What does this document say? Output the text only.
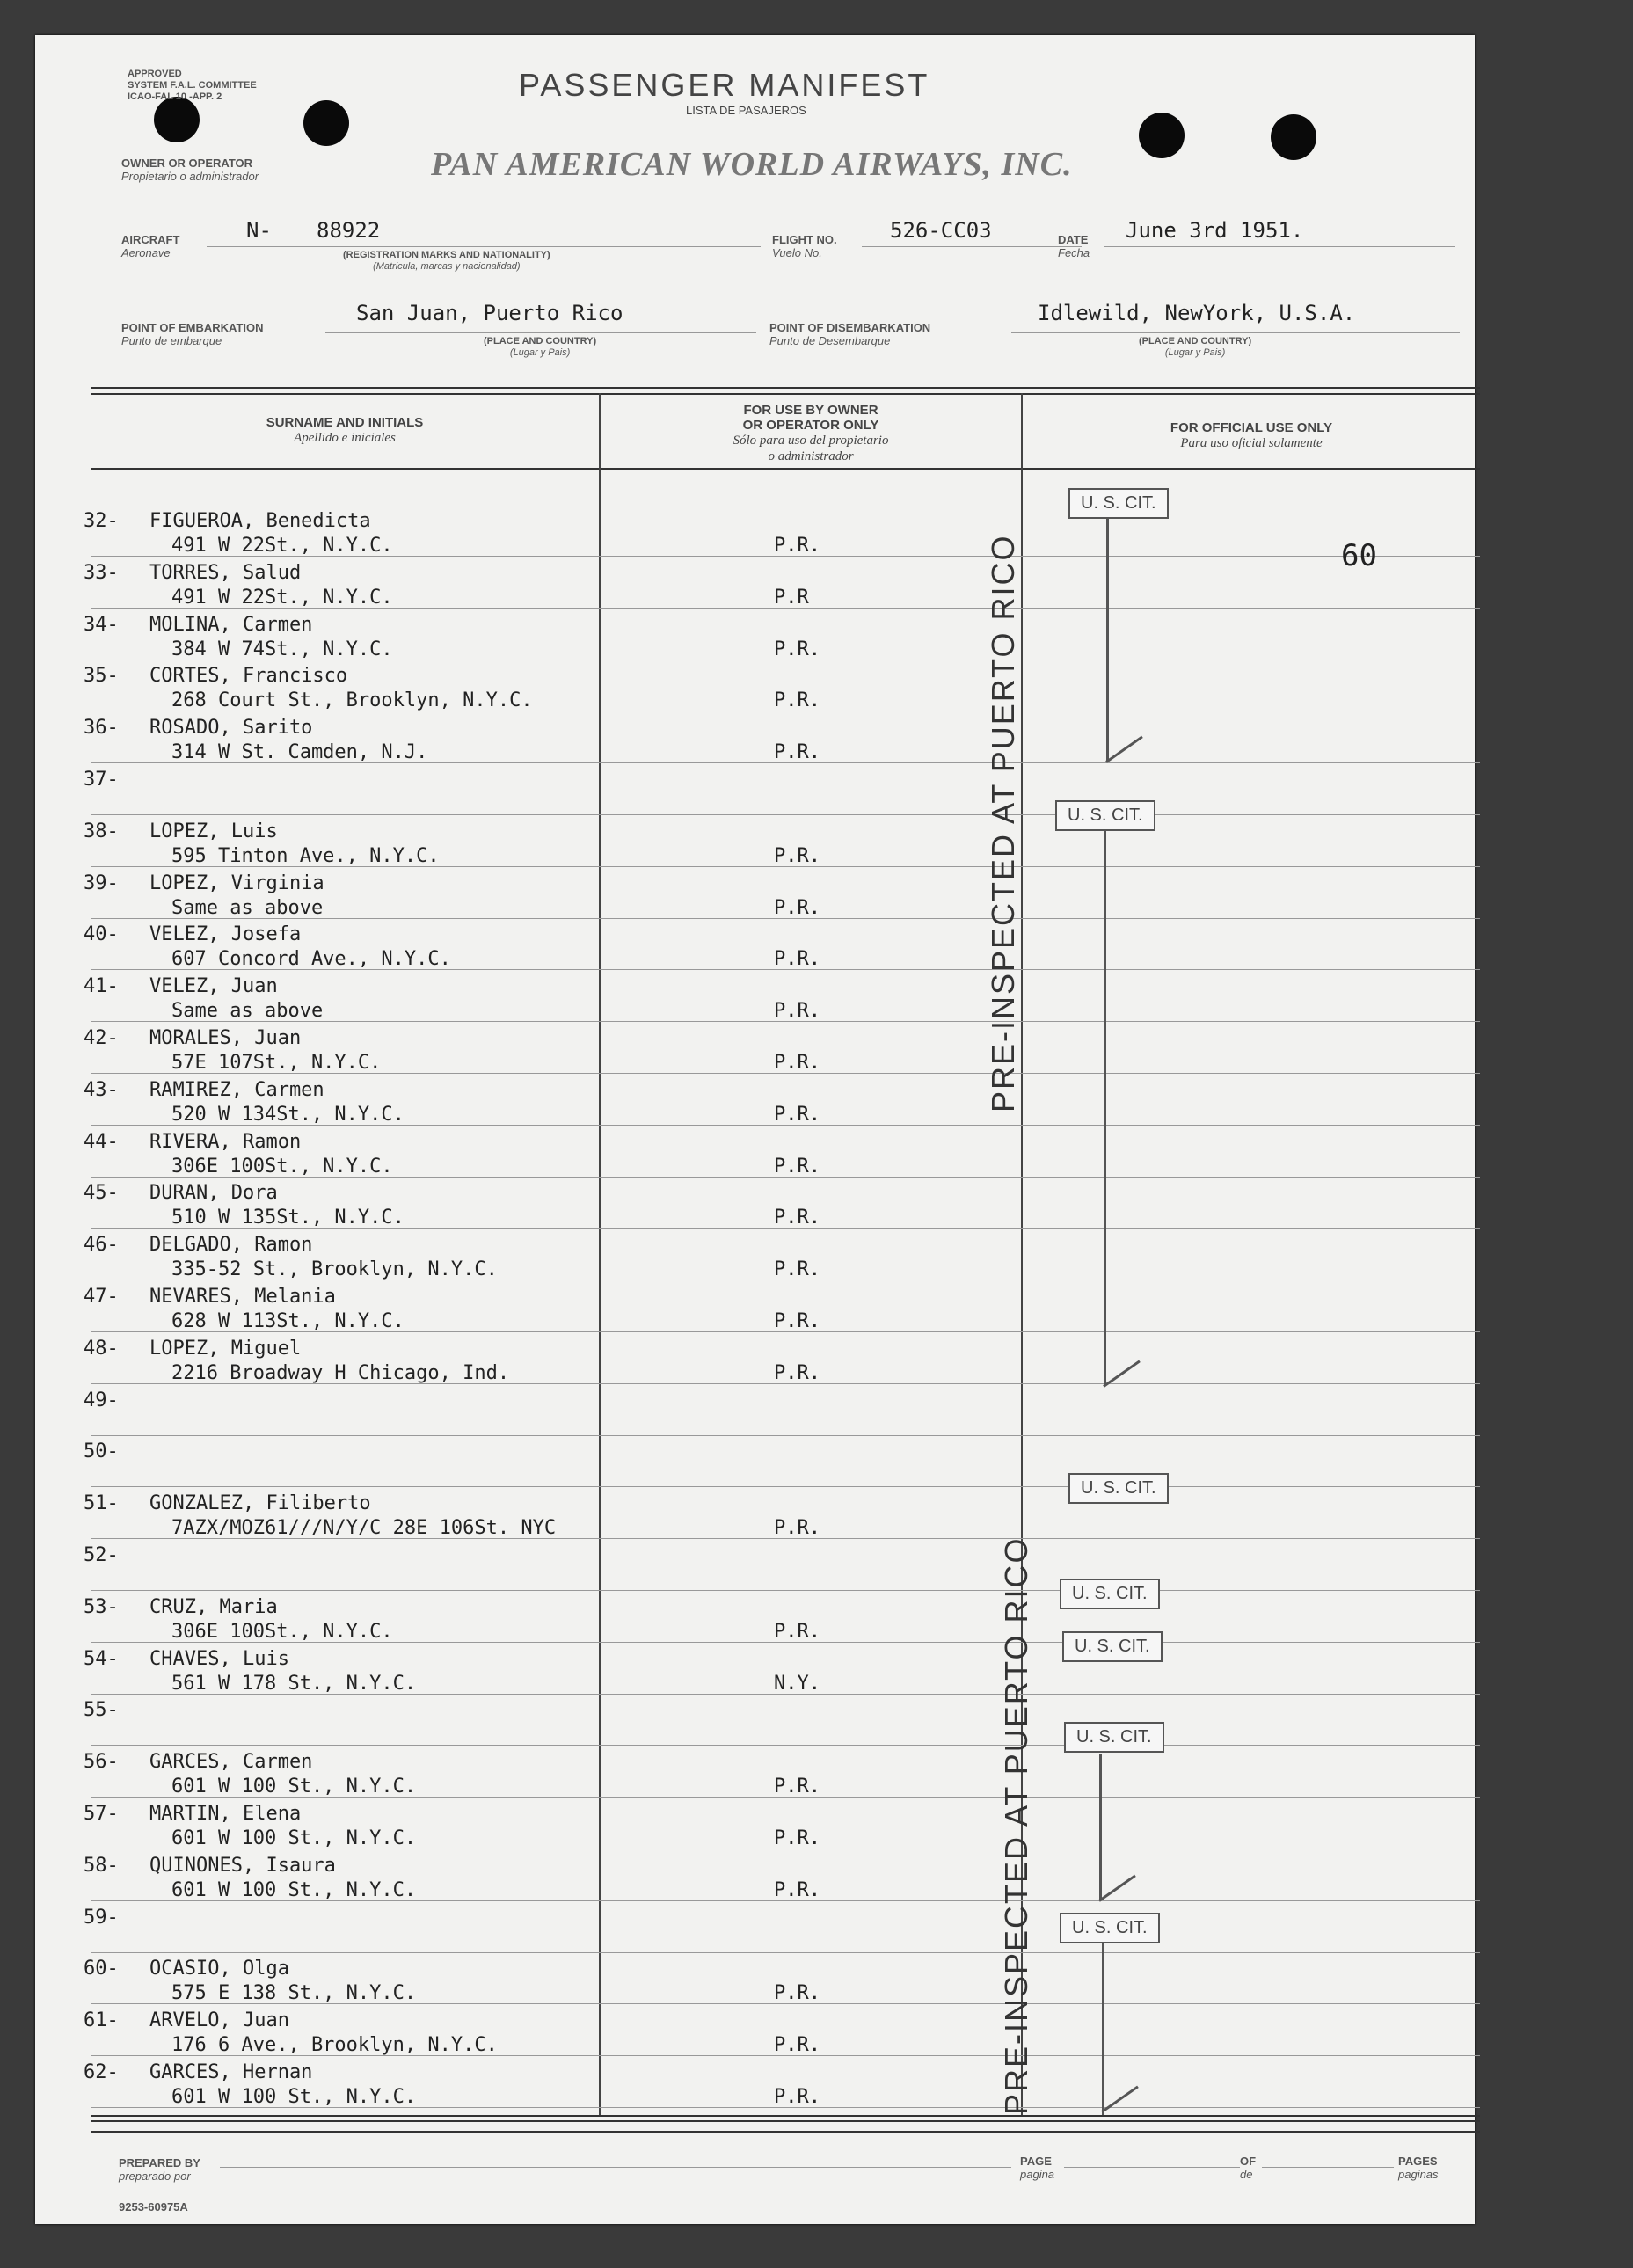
APPROVED
SYSTEM F.A.L. COMMITTEE
ICAO-FAL 10 -APP. 2	PASSENGER MANIFEST
LISTA DE PASAJEROS
OWNER OR OPERATOR
Propietario o administrador	PAN AMERICAN WORLD AIRWAYS, INC.
AIRCRAFT
Aeronave
N- 88922
(REGISTRATION MARKS AND NATIONALITY)
(Matricula, marcas y nacionalidad)
FLIGHT NO.
Vuelo No.
526-CC03	DATE
Fecha
June 3rd 1951.
POINT OF EMBARKATION
Punto de embarque
San Juan, Puerto Rico
(PLACE AND COUNTRY)
(Lugar y Pais)
POINT OF DISEMBARKATION
Punto de Desembarque
Idlewild, NewYork, U.S.A.
(PLACE AND COUNTRY)
(Lugar y Pais)
SURNAME AND INITIALS
Apellido e iniciales
FOR USE BY OWNER
OR OPERATOR ONLY
Sólo para uso del propietario
o administrador
FOR OFFICIAL USE ONLY
Para uso oficial solamente
32- FIGUEROA, Benedicta
491 W 22St., N.Y.C.	P.R.
33- TORRES, Salud
491 W 22St., N.Y.C.	P.R
34- MOLINA, Carmen
384 W 74St., N.Y.C.	P.R.
35- CORTES, Francisco
268 Court St., Brooklyn, N.Y.C.	P.R.
36- ROSADO, Sarito
314 W St. Camden, N.J.	P.R.
37-
38- LOPEZ, Luis
595 Tinton Ave., N.Y.C.	P.R.
39- LOPEZ, Virginia
Same as above	P.R.
40- VELEZ, Josefa
607 Concord Ave., N.Y.C.	P.R.
41- VELEZ, Juan
Same as above	P.R.
42- MORALES, Juan
57E 107St., N.Y.C.	P.R.
43- RAMIREZ, Carmen
520 W 134St., N.Y.C.	P.R.
44- RIVERA, Ramon
306E 100St., N.Y.C.	P.R.
45- DURAN, Dora
510 W 135St., N.Y.C.	P.R.
46- DELGADO, Ramon
335-52 St., Brooklyn, N.Y.C.	P.R.
47- NEVARES, Melania
628 W 113St., N.Y.C.	P.R.
48- LOPEZ, Miguel
2216 Broadway H Chicago, Ind.	P.R.
49-
50-
51- GONZALEZ, Filiberto
7AZX/MOZ61///N/Y/C 28E 106St. NYC	P.R.
52-
53- CRUZ, Maria
306E 100St., N.Y.C.	P.R.
54- CHAVES, Luis
561 W 178 St., N.Y.C.	N.Y.
55-
56- GARCES, Carmen
601 W 100 St., N.Y.C.	P.R.
57- MARTIN, Elena
601 W 100 St., N.Y.C.	P.R.
58- QUINONES, Isaura
601 W 100 St., N.Y.C.	P.R.
59-
60- OCASIO, Olga
575 E 138 St., N.Y.C.	P.R.
61- ARVELO, Juan
176 6 Ave., Brooklyn, N.Y.C.	P.R.
62- GARCES, Hernan
601 W 100 St., N.Y.C.	P.R.
60
U. S. CIT.
U. S. CIT.
U. S. CIT.
U. S. CIT.
U. S. CIT.
U. S. CIT.
U. S. CIT.
PRE-INSPECTED AT PUERTO RICO
PRE-INSPECTED AT PUERTO RICO
PREPARED BY
preparado por
PAGE
pagina
OF
de
PAGES
paginas
9253-60975A
